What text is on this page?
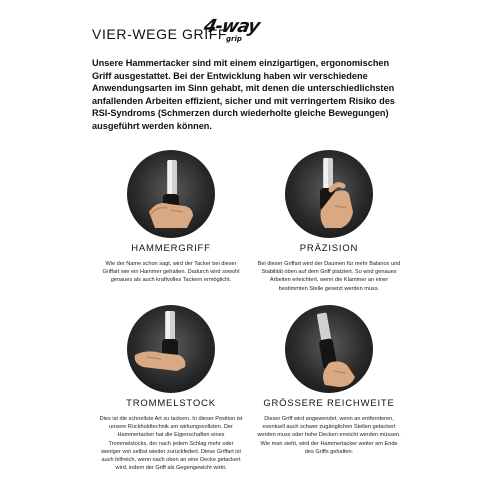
VIER-WEGE GRIFF
4-way
grip

Unsere Hammertacker sind mit einem einzigartigen, ergonomischen Griff ausgestattet. Bei der Entwicklung haben wir verschiedene Anwendungsarten im Sinn gehabt, mit denen die unterschiedlichsten anfallenden Arbeiten effizient, sicher und mit verringertem Risiko des RSI-Syndroms (Schmerzen durch wiederholte gleiche Bewegungen) ausgeführt werden können.

HAMMERGRIFF

Wie der Name schon sagt, wird der Tacker bei dieser Griffart wie ein Hammer gehalten. Dadurch wird sowohl genaues als auch kraftvolles Tackern ermöglicht.

PRÄZISION

Bei dieser Griffart wird der Daumen für mehr Balance und Stabilität oben auf dem Griff platziert. So wird genaues Arbeiten erleichtert, wenn die Klammer an einer bestimmten Stelle gesetzt werden muss.

TROMMELSTOCK

Dies ist die schnellste Art zu tackern. In dieser Position ist unsere Rückholdtechnik am wirkungsvollsten. Der Hammertacker hat die Eigenschaften eines Trommelstocks, der nach jedem Schlag mehr oder weniger von selbst wieder zurückfedert. Diese Griffart ist auch hilfreich, wenn nach oben an eine Decke getackert wird, indem der Griff als Gegengewicht wirkt.

GRÖSSERE REICHWEITE

Dieser Griff wird angewendet, wenn an entfernteren, eventuell auch schwer zugänglichen Stellen getackert werden muss oder hohe Decken erreicht werden müssen. Wie man sieht, wird der Hammertacker weiter am Ende des Griffs gehalten.
